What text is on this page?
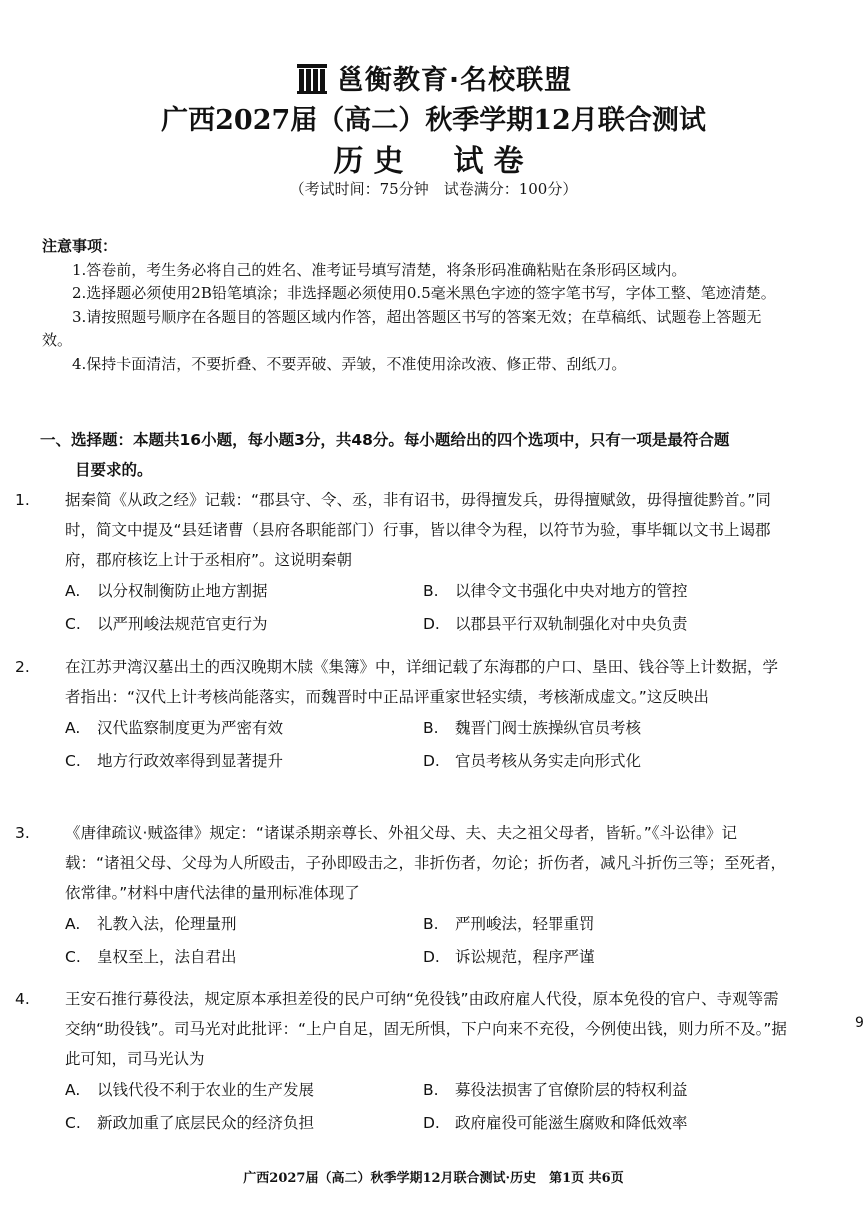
邕衡教育·名校联盟
广西2027届（高二）秋季学期12月联合测试
历史　试卷
（考试时间：75分钟　试卷满分：100分）
注意事项：

1.答卷前，考生务必将自己的姓名、准考证号填写清楚，将条形码准确粘贴在条形码区域内。

2.选择题必须使用2B铅笔填涂；非选择题必须使用0.5毫米黑色字迹的签字笔书写，字体工整、笔迹清楚。

3.请按照题号顺序在各题目的答题区域内作答，超出答题区书写的答案无效；在草稿纸、试题卷上答题无效。

4.保持卡面清洁，不要折叠、不要弄破、弄皱，不准使用涂改液、修正带、刮纸刀。

一、选择题：本题共16小题，每小题3分，共48分。每小题给出的四个选项中，只有一项是最符合题
目要求的。
1. 据秦简《从政之经》记载：“郡县守、令、丞，非有诏书，毋得擅发兵，毋得擅赋敛，毋得擅徙黔首。”同时，简文中提及“县廷诸曹（县府各职能部门）行事，皆以律令为程，以符节为验，事毕辄以文书上谒郡府，郡府核讫上计于丞相府”。这说明秦朝
A. 以分权制衡防止地方割据	B. 以律令文书强化中央对地方的管控
C. 以严刑峻法规范官吏行为	D. 以郡县平行双轨制强化对中央负责
2. 在江苏尹湾汉墓出土的西汉晚期木牍《集簿》中，详细记载了东海郡的户口、垦田、钱谷等上计数据，学者指出：“汉代上计考核尚能落实，而魏晋时中正品评重家世轻实绩，考核渐成虚文。”这反映出
A. 汉代监察制度更为严密有效	B. 魏晋门阀士族操纵官员考核
C. 地方行政效率得到显著提升	D. 官员考核从务实走向形式化
3. 《唐律疏议·贼盗律》规定：“诸谋杀期亲尊长、外祖父母、夫、夫之祖父母者，皆斩。”《斗讼律》记载：“诸祖父母、父母为人所殴击，子孙即殴击之，非折伤者，勿论；折伤者，减凡斗折伤三等；至死者，依常律。”材料中唐代法律的量刑标准体现了
A. 礼教入法，伦理量刑	B. 严刑峻法，轻罪重罚
C. 皇权至上，法自君出	D. 诉讼规范，程序严谨
4. 王安石推行募役法，规定原本承担差役的民户可纳“免役钱”由政府雇人代役，原本免役的官户、寺观等需交纳“助役钱”。司马光对此批评：“上户自足，固无所惧，下户向来不充役，今例使出钱，则力所不及。”据此可知，司马光认为
A. 以钱代役不利于农业的生产发展	B. 募役法损害了官僚阶层的特权利益
C. 新政加重了底层民众的经济负担	D. 政府雇役可能滋生腐败和降低效率
9
广西2027届（高二）秋季学期12月联合测试·历史　第1页 共6页
